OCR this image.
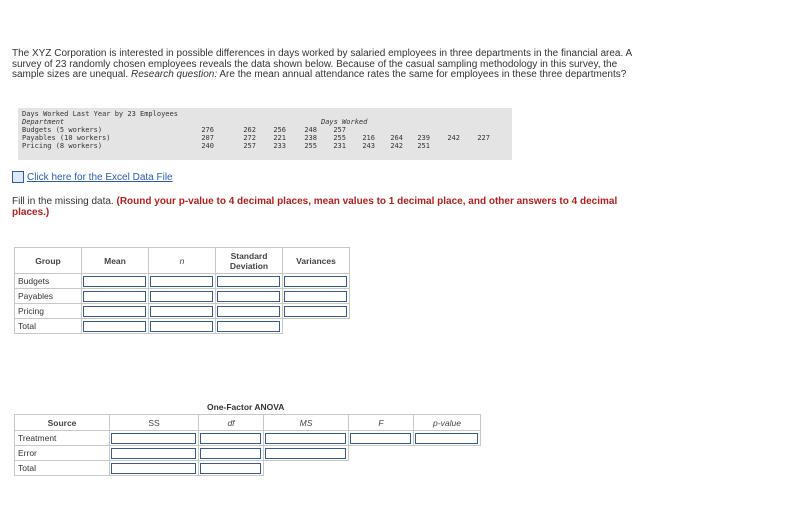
The XYZ Corporation is interested in possible differences in days worked by salaried employees in three departments in the financial area. A survey of 23 randomly chosen employees reveals the data shown below. Because of the casual sampling methodology in this survey, the sample sizes are unequal. Research question: Are the mean annual attendance rates the same for employees in these three departments?
Days Worked Last Year by 23 Employees
Department	Days Worked
Budgets (5 workers)	276	262	256	248	257
Payables (10 workers)	207	272	221	238	255	216	264	239	242	227
Pricing (8 workers)	240	257	233	255	231	243	242	251
Click here for the Excel Data File
Fill in the missing data. (Round your p-value to 4 decimal places, mean values to 1 decimal place, and other answers to 4 decimal places.)
Group	Mean	n	Standard Deviation	Variances
Budgets	

Payables	

Pricing	

Total	

One-Factor ANOVA
Source	SS	df	MS	F	p-value
Treatment	

Error	

Total	
